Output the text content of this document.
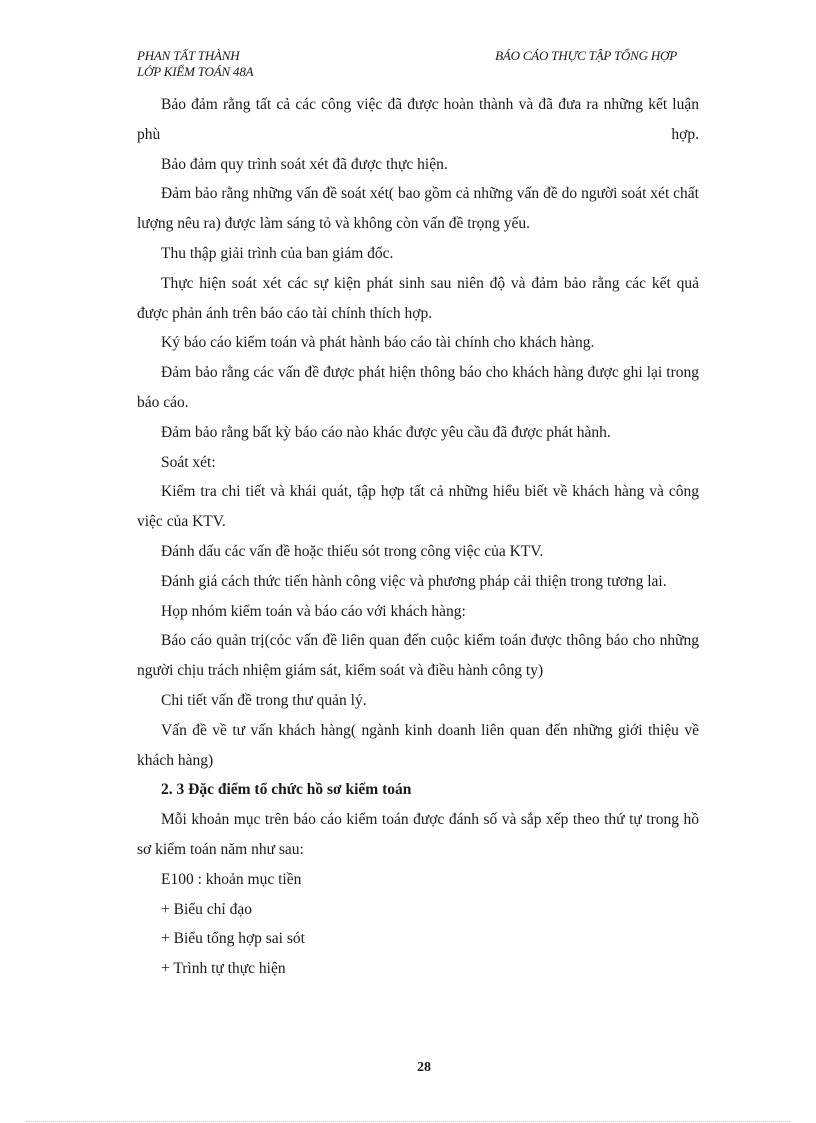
PHAN TẤT THÀNH	BÁO CÁO THỰC TẬP TỔNG HỢP
LỚP KIỂM TOÁN 48A

Bảo đảm rằng tất cả các công việc đã được hoàn thành và đã đưa ra những kết luận phù hợp.

Bảo đảm quy trình soát xét đã được thực hiện.

Đảm bảo rằng những vấn đề soát xét( bao gồm cả những vấn đề do người soát xét chất lượng nêu ra) được làm sáng tỏ và không còn vấn đề trọng yếu.

Thu thập giải trình của ban giám đốc.

Thực hiện soát xét các sự kiện phát sinh sau niên độ và đảm bảo rằng các kết quả được phản ánh trên báo cáo tài chính thích hợp.

Ký báo cáo kiểm toán và phát hành báo cáo tài chính cho khách hàng.

Đảm bảo rằng các vấn đề được phát hiện thông báo cho khách hàng được ghi lại trong báo cáo.

Đảm bảo rằng bất kỳ báo cáo nào khác được yêu cầu đã được phát hành.

Soát xét:

Kiểm tra chi tiết và khái quát, tập hợp tất cả những hiểu biết về khách hàng và công việc của KTV.

Đánh dấu các vấn đề hoặc thiếu sót trong công việc của KTV.

Đánh giá cách thức tiến hành công việc và phương pháp cải thiện trong tương lai.

Họp nhóm kiểm toán và báo cáo với khách hàng:

Báo cáo quản trị(cỏc vấn đề liên quan đến cuộc kiểm toán được thông báo cho những người chịu trách nhiệm giám sát, kiểm soát và điều hành công ty)

Chi tiết vấn đề trong thư quản lý.

Vấn đề về tư vấn khách hàng( ngành kinh doanh liên quan đến những giới thiệu về khách hàng)

2. 3 Đặc điểm tổ chức hồ sơ kiểm toán

Mỗi khoản mục trên báo cáo kiểm toán được đánh số và sắp xếp theo thứ tự trong hồ sơ kiểm toán năm như sau:

E100 : khoản mục tiền

+ Biểu chỉ đạo

+ Biểu tổng hợp sai sót

+ Trình tự thực hiện

28
